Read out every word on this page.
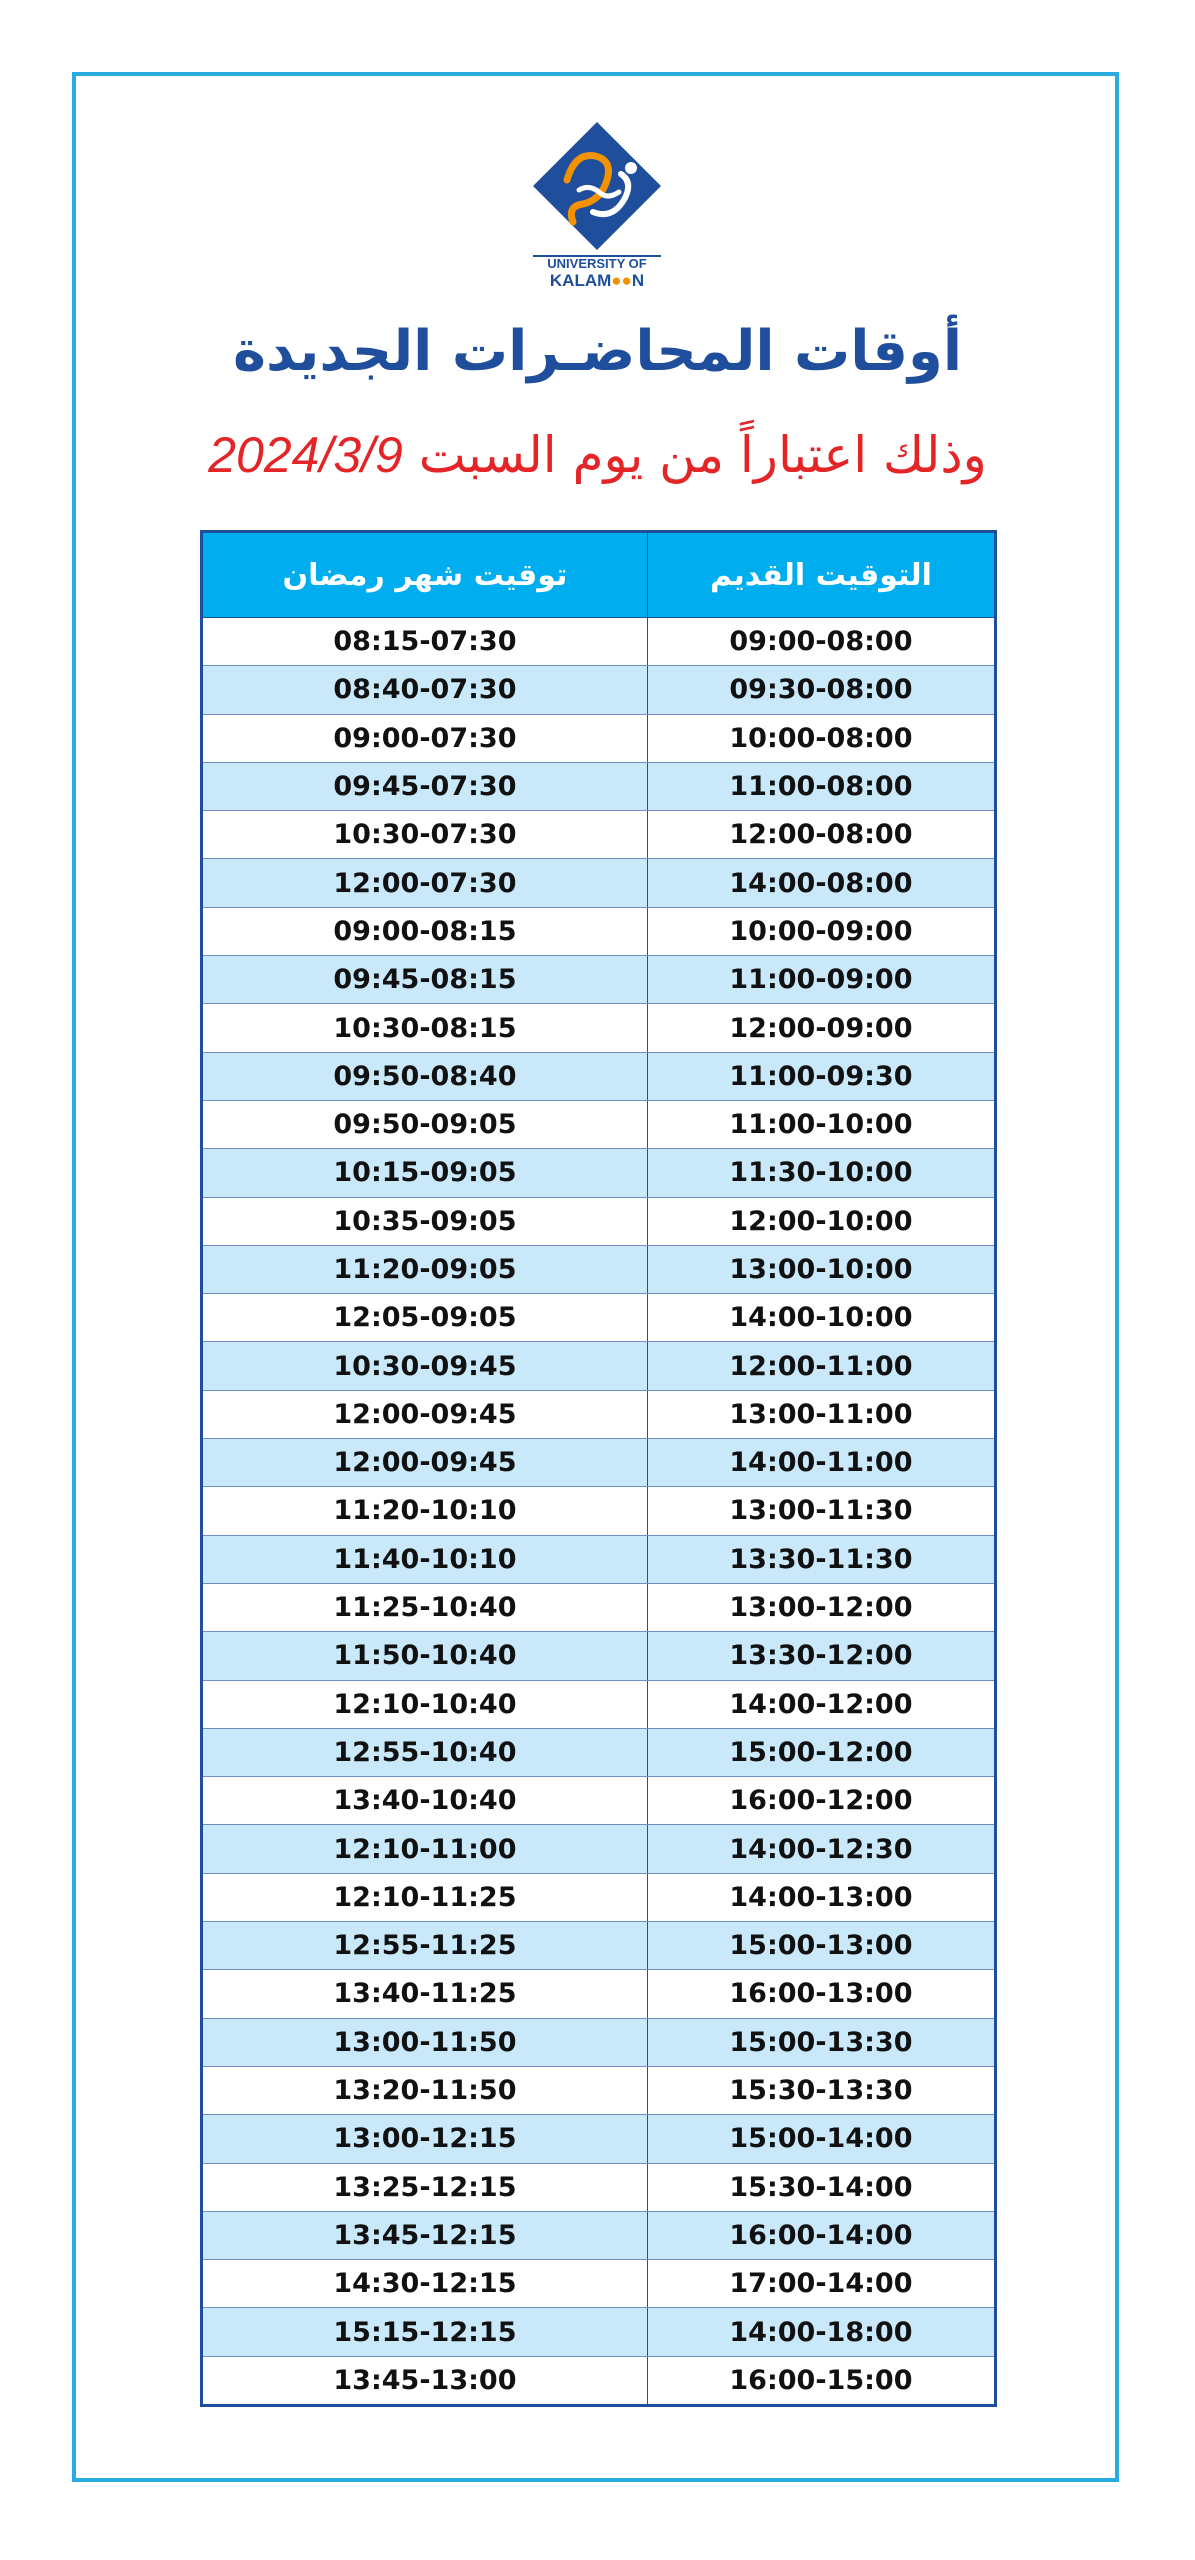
UNIVERSITY OF
KALAM●●N
أوقات المحاضـرات الجديدة
وذلك اعتباراً من يوم السبت 2024/3/9
توقيت شهر رمضان	التوقيت القديم
08:15-07:30	09:00-08:00
08:40-07:30	09:30-08:00
09:00-07:30	10:00-08:00
09:45-07:30	11:00-08:00
10:30-07:30	12:00-08:00
12:00-07:30	14:00-08:00
09:00-08:15	10:00-09:00
09:45-08:15	11:00-09:00
10:30-08:15	12:00-09:00
09:50-08:40	11:00-09:30
09:50-09:05	11:00-10:00
10:15-09:05	11:30-10:00
10:35-09:05	12:00-10:00
11:20-09:05	13:00-10:00
12:05-09:05	14:00-10:00
10:30-09:45	12:00-11:00
12:00-09:45	13:00-11:00
12:00-09:45	14:00-11:00
11:20-10:10	13:00-11:30
11:40-10:10	13:30-11:30
11:25-10:40	13:00-12:00
11:50-10:40	13:30-12:00
12:10-10:40	14:00-12:00
12:55-10:40	15:00-12:00
13:40-10:40	16:00-12:00
12:10-11:00	14:00-12:30
12:10-11:25	14:00-13:00
12:55-11:25	15:00-13:00
13:40-11:25	16:00-13:00
13:00-11:50	15:00-13:30
13:20-11:50	15:30-13:30
13:00-12:15	15:00-14:00
13:25-12:15	15:30-14:00
13:45-12:15	16:00-14:00
14:30-12:15	17:00-14:00
15:15-12:15	14:00-18:00
13:45-13:00	16:00-15:00
